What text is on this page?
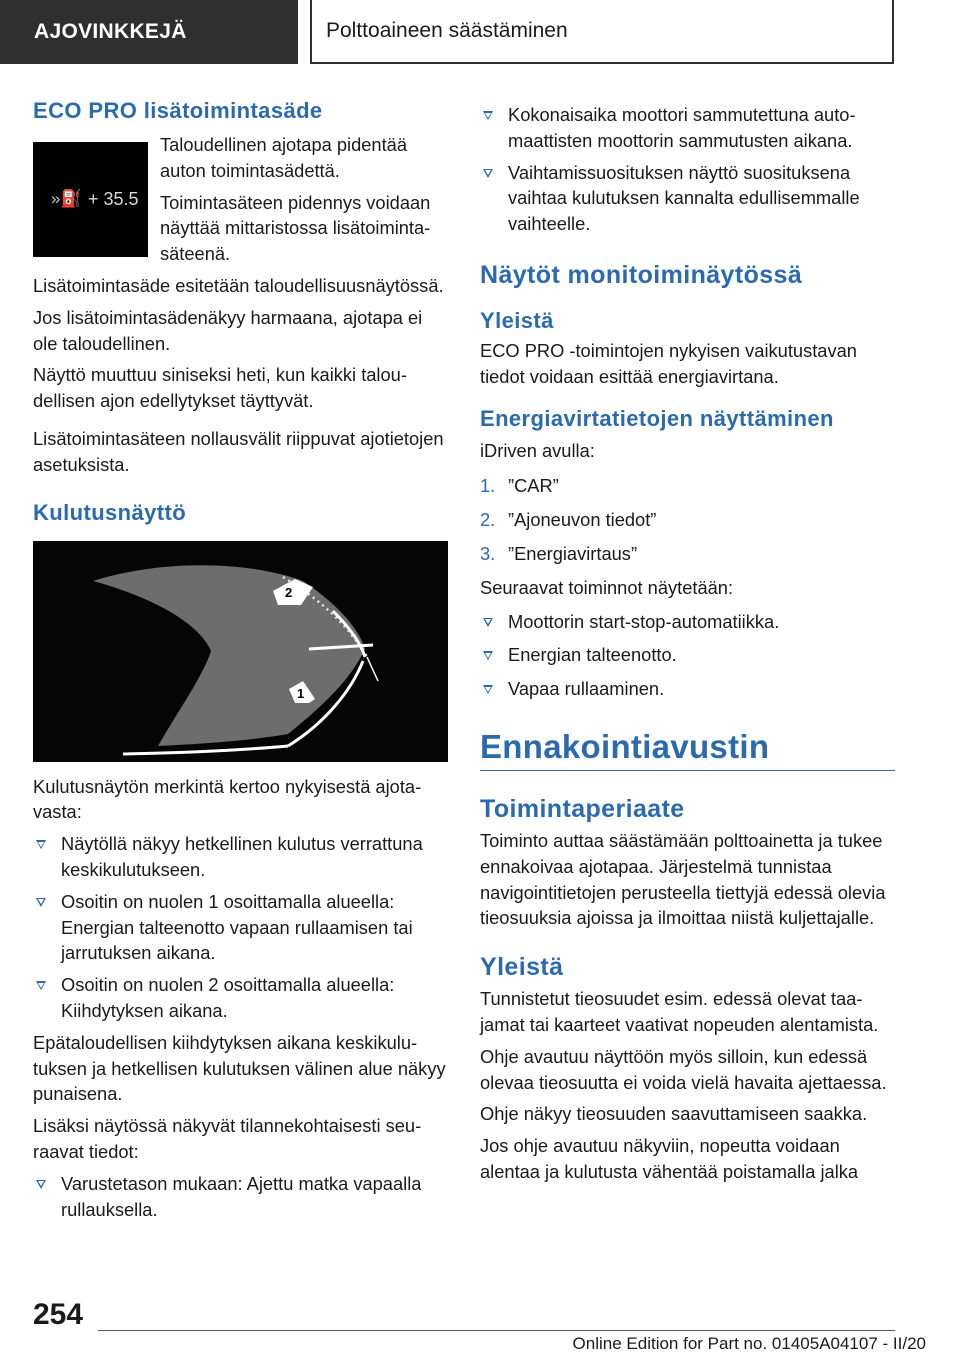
AJOVINKKEJÄ	Polttoaineen säästäminen
ECO PRO lisätoimintasäde
»⛽ + 35.5

Taloudellinen ajotapa pidentää auton toimintasädettä.

Toimintasäteen pidennys voidaan näyttää mittaristossa lisätoimintasäteenä.

Lisätoimintasäde esitetään taloudellisuusnäytössä.

Jos lisätoimintasädenäkyy harmaana, ajotapa ei ole taloudellinen.

Näyttö muuttuu siniseksi heti, kun kaikki taloudellisen ajon edellytykset täyttyvät.

Lisätoimintasäteen nollausvälit riippuvat ajotietojen asetuksista.

Kulutusnäyttö
2
1

Kulutusnäytön merkintä kertoo nykyisestä ajotavasta:

Näytöllä näkyy hetkellinen kulutus verrattuna keskikulutukseen.
Osoitin on nuolen 1 osoittamalla alueella: Energian talteenotto vapaan rullaamisen tai jarrutuksen aikana.
Osoitin on nuolen 2 osoittamalla alueella: Kiihdytyksen aikana.

Epätaloudellisen kiihdytyksen aikana keskikulutuksen ja hetkellisen kulutuksen välinen alue näkyy punaisena.

Lisäksi näytössä näkyvät tilannekohtaisesti seuraavat tiedot:

Varustetason mukaan: Ajettu matka vapaalla rullauksella.
Kokonaisaika moottori sammutettuna automaattisten moottorin sammutusten aikana.
Vaihtamissuosituksen näyttö suosituksena vaihtaa kulutuksen kannalta edullisemmalle vaihteelle.
Näytöt monitoiminäytössä
Yleistä

ECO PRO -toimintojen nykyisen vaikutustavan tiedot voidaan esittää energiavirtana.

Energiavirtatietojen näyttäminen

iDriven avulla:

1. ”CAR”
2. ”Ajoneuvon tiedot”
3. ”Energiavirtaus”

Seuraavat toiminnot näytetään:

Moottorin start-stop-automatiikka.
Energian talteenotto.
Vapaa rullaaminen.
Ennakointiavustin
Toimintaperiaate

Toiminto auttaa säästämään polttoainetta ja tukee ennakoivaa ajotapaa. Järjestelmä tunnistaa navigointitietojen perusteella tiettyjä edessä olevia tieosuuksia ajoissa ja ilmoittaa niistä kuljettajalle.

Yleistä

Tunnistetut tieosuudet esim. edessä olevat taajamat tai kaarteet vaativat nopeuden alentamista.

Ohje avautuu näyttöön myös silloin, kun edessä olevaa tieosuutta ei voida vielä havaita ajettaessa.

Ohje näkyy tieosuuden saavuttamiseen saakka.

Jos ohje avautuu näkyviin, nopeutta voidaan alentaa ja kulutusta vähentää poistamalla jalka

254
Online Edition for Part no. 01405A04107 - II/20
